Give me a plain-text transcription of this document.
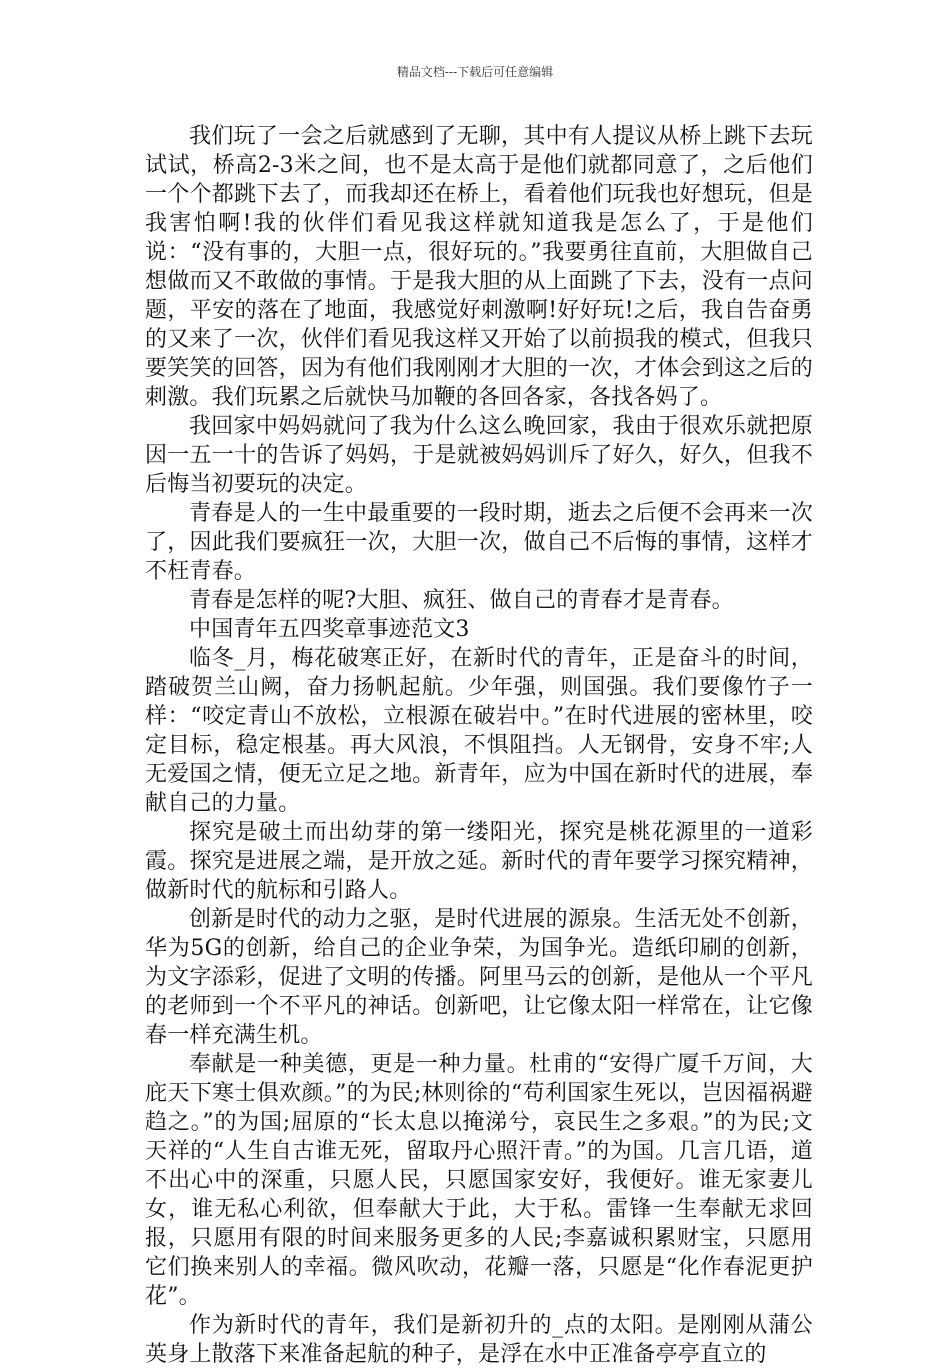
精品文档---下载后可任意编辑

我们玩了一会之后就感到了无聊，其中有人提议从桥上跳下去玩试试，桥高2-3米之间，也不是太高于是他们就都同意了，之后他们一个个都跳下去了，而我却还在桥上，看着他们玩我也好想玩，但是我害怕啊!我的伙伴们看见我这样就知道我是怎么了，于是他们说：“没有事的，大胆一点，很好玩的。”我要勇往直前，大胆做自己想做而又不敢做的事情。于是我大胆的从上面跳了下去，没有一点问题，平安的落在了地面，我感觉好刺激啊!好好玩!之后，我自告奋勇的又来了一次，伙伴们看见我这样又开始了以前损我的模式，但我只要笑笑的回答，因为有他们我刚刚才大胆的一次，才体会到这之后的刺激。我们玩累之后就快马加鞭的各回各家，各找各妈了。

我回家中妈妈就问了我为什么这么晚回家，我由于很欢乐就把原因一五一十的告诉了妈妈，于是就被妈妈训斥了好久，好久，但我不后悔当初要玩的决定。

青春是人的一生中最重要的一段时期，逝去之后便不会再来一次了，因此我们要疯狂一次，大胆一次，做自己不后悔的事情，这样才不枉青春。

青春是怎样的呢?大胆、疯狂、做自己的青春才是青春。

中国青年五四奖章事迹范文3

临冬_月，梅花破寒正好，在新时代的青年，正是奋斗的时间，踏破贺兰山阙，奋力扬帆起航。少年强，则国强。我们要像竹子一样：“咬定青山不放松，立根源在破岩中。”在时代进展的密林里，咬定目标，稳定根基。再大风浪，不惧阻挡。人无钢骨，安身不牢;人无爱国之情，便无立足之地。新青年，应为中国在新时代的进展，奉献自己的力量。

探究是破土而出幼芽的第一缕阳光，探究是桃花源里的一道彩霞。探究是进展之端，是开放之延。新时代的青年要学习探究精神，做新时代的航标和引路人。

创新是时代的动力之驱，是时代进展的源泉。生活无处不创新，华为5G的创新，给自己的企业争荣，为国争光。造纸印刷的创新，为文字添彩，促进了文明的传播。阿里马云的创新，是他从一个平凡的老师到一个不平凡的神话。创新吧，让它像太阳一样常在，让它像春一样充满生机。

奉献是一种美德，更是一种力量。杜甫的“安得广厦千万间，大庇天下寒士俱欢颜。”的为民;林则徐的“苟利国家生死以，岂因福祸避趋之。”的为国;屈原的“长太息以掩涕兮，哀民生之多艰。”的为民;文天祥的“人生自古谁无死，留取丹心照汗青。”的为国。几言几语，道不出心中的深重，只愿人民，只愿国家安好，我便好。谁无家妻儿女，谁无私心利欲，但奉献大于此，大于私。雷锋一生奉献无求回报，只愿用有限的时间来服务更多的人民;李嘉诚积累财宝，只愿用它们换来别人的幸福。微风吹动，花瓣一落，只愿是“化作春泥更护花”。

作为新时代的青年，我们是新初升的_点的太阳。是刚刚从蒲公英身上散落下来准备起航的种子，是浮在水中正准备亭亭直立的
